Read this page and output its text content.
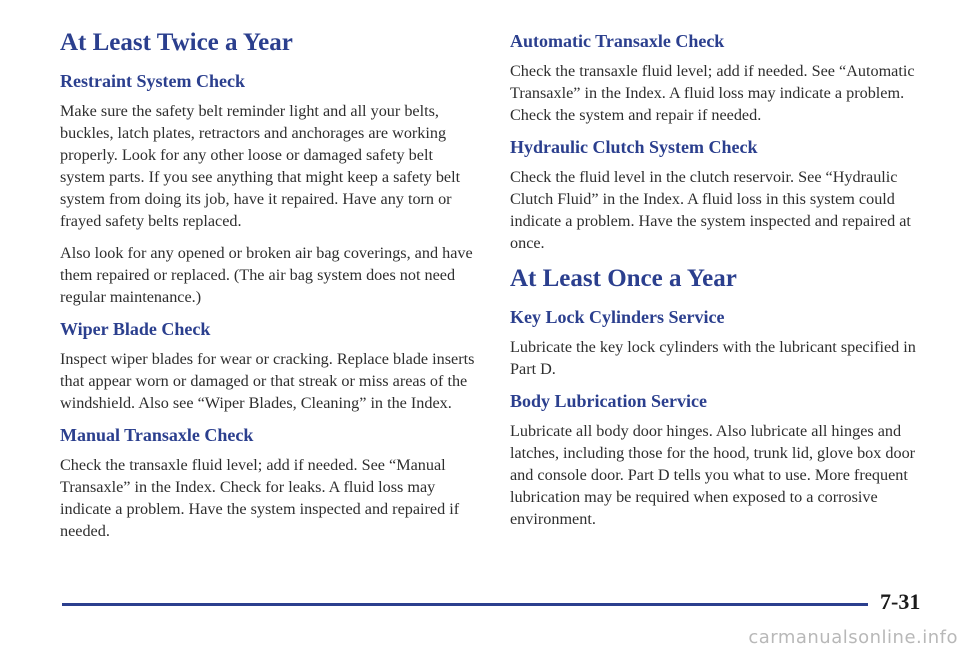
At Least Twice a Year
Restraint System Check

Make sure the safety belt reminder light and all your belts, buckles, latch plates, retractors and anchorages are working properly. Look for any other loose or damaged safety belt system parts. If you see anything that might keep a safety belt system from doing its job, have it repaired. Have any torn or frayed safety belts replaced.

Also look for any opened or broken air bag coverings, and have them repaired or replaced. (The air bag system does not need regular maintenance.)

Wiper Blade Check

Inspect wiper blades for wear or cracking. Replace blade inserts that appear worn or damaged or that streak or miss areas of the windshield. Also see “Wiper Blades, Cleaning” in the Index.

Manual Transaxle Check

Check the transaxle fluid level; add if needed. See “Manual Transaxle” in the Index. Check for leaks. A fluid loss may indicate a problem. Have the system inspected and repaired if needed.

Automatic Transaxle Check

Check the transaxle fluid level; add if needed. See “Automatic Transaxle” in the Index. A fluid loss may indicate a problem. Check the system and repair if needed.

Hydraulic Clutch System Check

Check the fluid level in the clutch reservoir. See “Hydraulic Clutch Fluid” in the Index. A fluid loss in this system could indicate a problem. Have the system inspected and repaired at once.

At Least Once a Year
Key Lock Cylinders Service

Lubricate the key lock cylinders with the lubricant specified in Part D.

Body Lubrication Service

Lubricate all body door hinges. Also lubricate all hinges and latches, including those for the hood, trunk lid, glove box door and console door. Part D tells you what to use. More frequent lubrication may be required when exposed to a corrosive environment.

7-31
carmanualsonline.info
